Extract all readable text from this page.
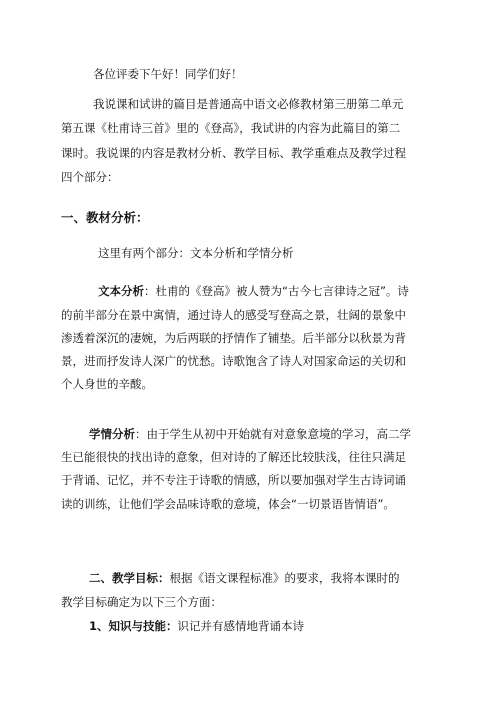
各位评委下午好！同学们好！

我说课和试讲的篇目是普通高中语文必修教材第三册第二单元

第五课《杜甫诗三首》里的《登高》，我试讲的内容为此篇目的第二

课时。我说课的内容是教材分析、教学目标、教学重难点及教学过程

四个部分：

一、教材分析：

这里有两个部分：文本分析和学情分析

文本分析：杜甫的《登高》被人赞为“古今七言律诗之冠”。诗

的前半部分在景中寓情，通过诗人的感受写登高之景，壮阔的景象中

渗透着深沉的凄婉，为后两联的抒情作了铺垫。后半部分以秋景为背

景，进而抒发诗人深广的忧愁。诗歌饱含了诗人对国家命运的关切和

个人身世的辛酸。

学情分析：由于学生从初中开始就有对意象意境的学习，高二学

生已能很快的找出诗的意象，但对诗的了解还比较肤浅，往往只满足

于背诵、记忆，并不专注于诗歌的情感，所以要加强对学生古诗词诵

读的训练，让他们学会品味诗歌的意境，体会“一切景语皆情语”。

二、教学目标：根据《语文课程标准》的要求，我将本课时的

教学目标确定为以下三个方面：

1、知识与技能：识记并有感情地背诵本诗
